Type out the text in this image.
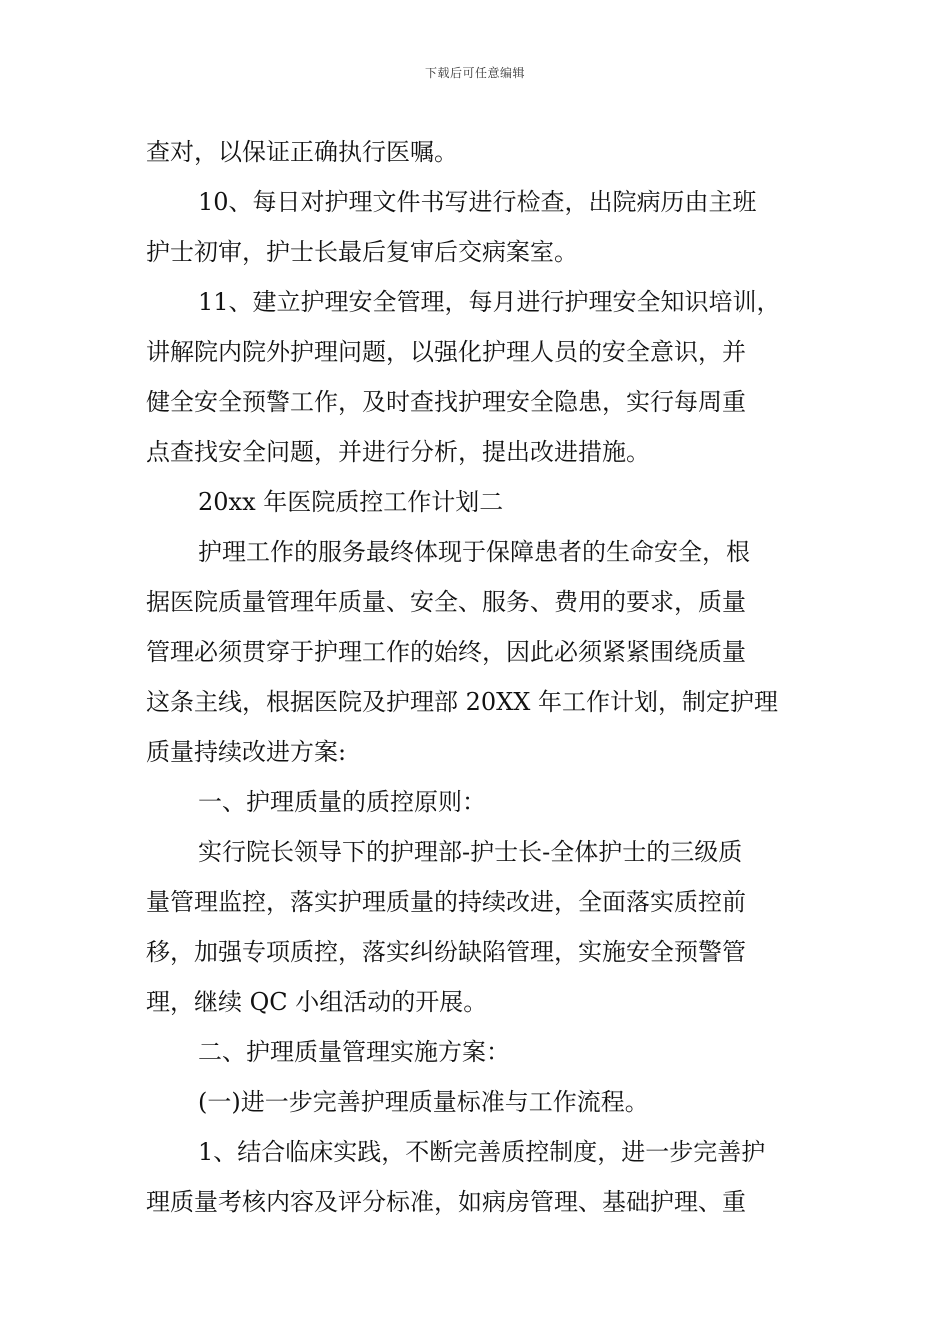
下载后可任意编辑
查对，以保证正确执行医嘱。
10、每日对护理文件书写进行检查，出院病历由主班
护士初审，护士长最后复审后交病案室。
11、建立护理安全管理，每月进行护理安全知识培训，
讲解院内院外护理问题，以强化护理人员的安全意识，并
健全安全预警工作，及时查找护理安全隐患，实行每周重
点查找安全问题，并进行分析，提出改进措施。
20xx 年医院质控工作计划二
护理工作的服务最终体现于保障患者的生命安全，根
据医院质量管理年质量、安全、服务、费用的要求，质量
管理必须贯穿于护理工作的始终，因此必须紧紧围绕质量
这条主线，根据医院及护理部 20XX 年工作计划，制定护理
质量持续改进方案:
一、护理质量的质控原则：
实行院长领导下的护理部-护士长-全体护士的三级质
量管理监控，落实护理质量的持续改进，全面落实质控前
移，加强专项质控，落实纠纷缺陷管理，实施安全预警管
理，继续 QC 小组活动的开展。
二、护理质量管理实施方案：
(一)进一步完善护理质量标准与工作流程。
1、结合临床实践，不断完善质控制度，进一步完善护
理质量考核内容及评分标准，如病房管理、基础护理、重
